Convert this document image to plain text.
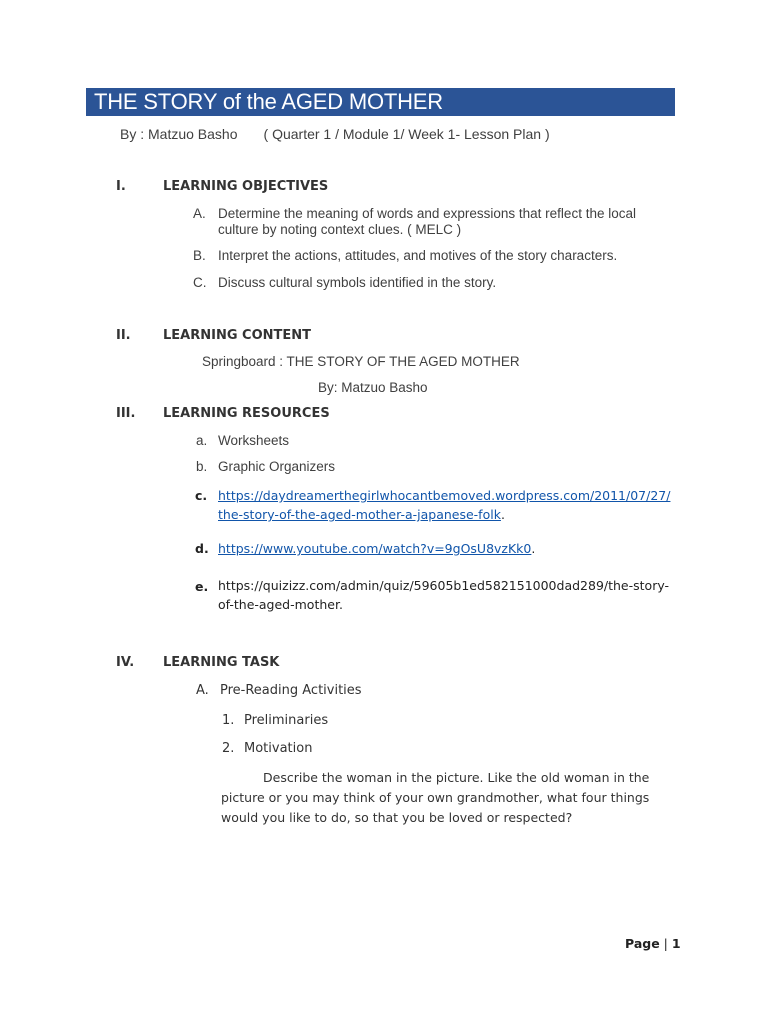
THE STORY of the AGED MOTHER
By : Matzuo Basho ( Quarter 1 / Module 1/ Week 1- Lesson Plan )
I.	LEARNING OBJECTIVES
A. Determine the meaning of words and expressions that reflect the local
culture by noting context clues. ( MELC )
B. Interpret the actions, attitudes, and motives of the story characters.
C. Discuss cultural symbols identified in the story.
II. LEARNING CONTENT
Springboard : THE STORY OF THE AGED MOTHER
By: Matzuo Basho
III. LEARNING RESOURCES
a. Worksheets
b. Graphic Organizers
c. https://daydreamerthegirlwhocantbemoved.wordpress.com/2011/07/27/
the-story-of-the-aged-mother-a-japanese-folk.
d. https://www.youtube.com/watch?v=9gOsU8vzKk0.
e. https://quizizz.com/admin/quiz/59605b1ed582151000dad289/the-story-
of-the-aged-mother.
IV. LEARNING TASK
A. Pre-Reading Activities
1. Preliminaries
2. Motivation
Describe the woman in the picture. Like the old woman in the picture or you may think of your own grandmother, what four things would you like to do, so that you be loved or respected?
Page | 1
